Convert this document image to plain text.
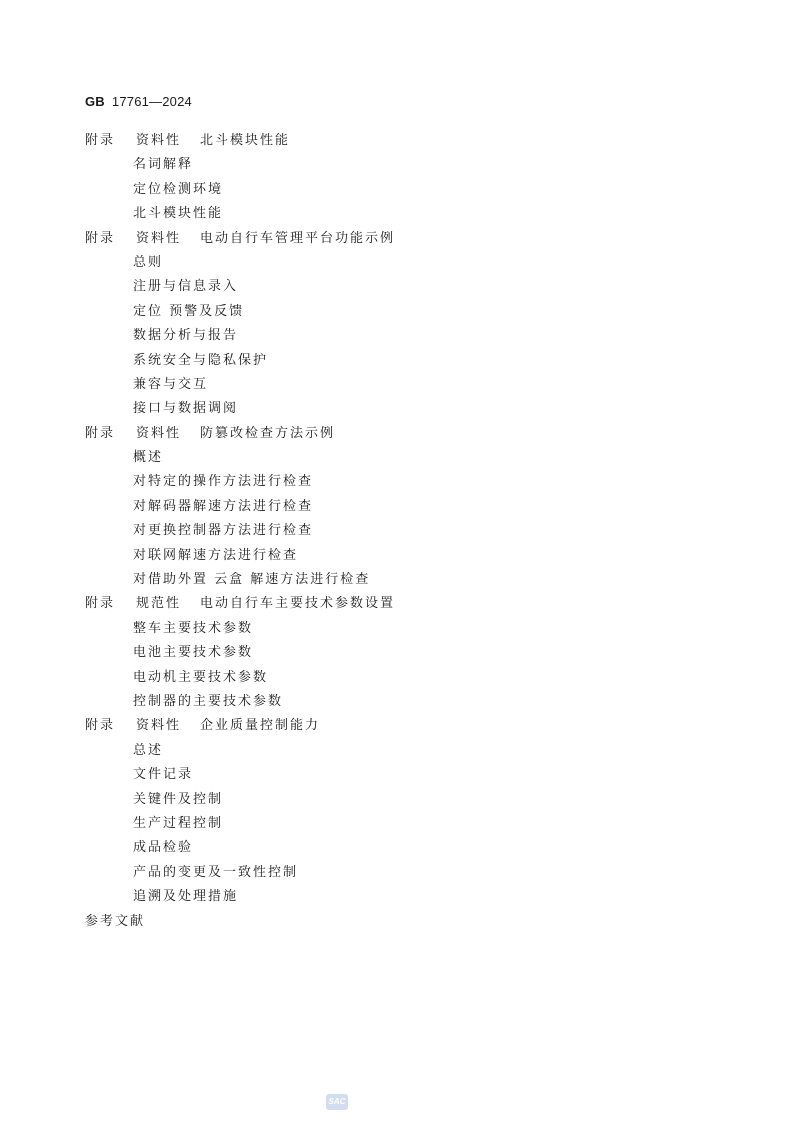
GB 17761—2024
附录 资料性 北斗模块性能
名词解释
定位检测环境
北斗模块性能
附录 资料性 电动自行车管理平台功能示例
总则
注册与信息录入
定位 预警及反馈
数据分析与报告
系统安全与隐私保护
兼容与交互
接口与数据调阅
附录 资料性 防篡改检查方法示例
概述
对特定的操作方法进行检查
对解码器解速方法进行检查
对更换控制器方法进行检查
对联网解速方法进行检查
对借助外置 云盒 解速方法进行检查
附录 规范性 电动自行车主要技术参数设置
整车主要技术参数
电池主要技术参数
电动机主要技术参数
控制器的主要技术参数
附录 资料性 企业质量控制能力
总述
文件记录
关键件及控制
生产过程控制
成品检验
产品的变更及一致性控制
追溯及处理措施
参考文献
SAC
